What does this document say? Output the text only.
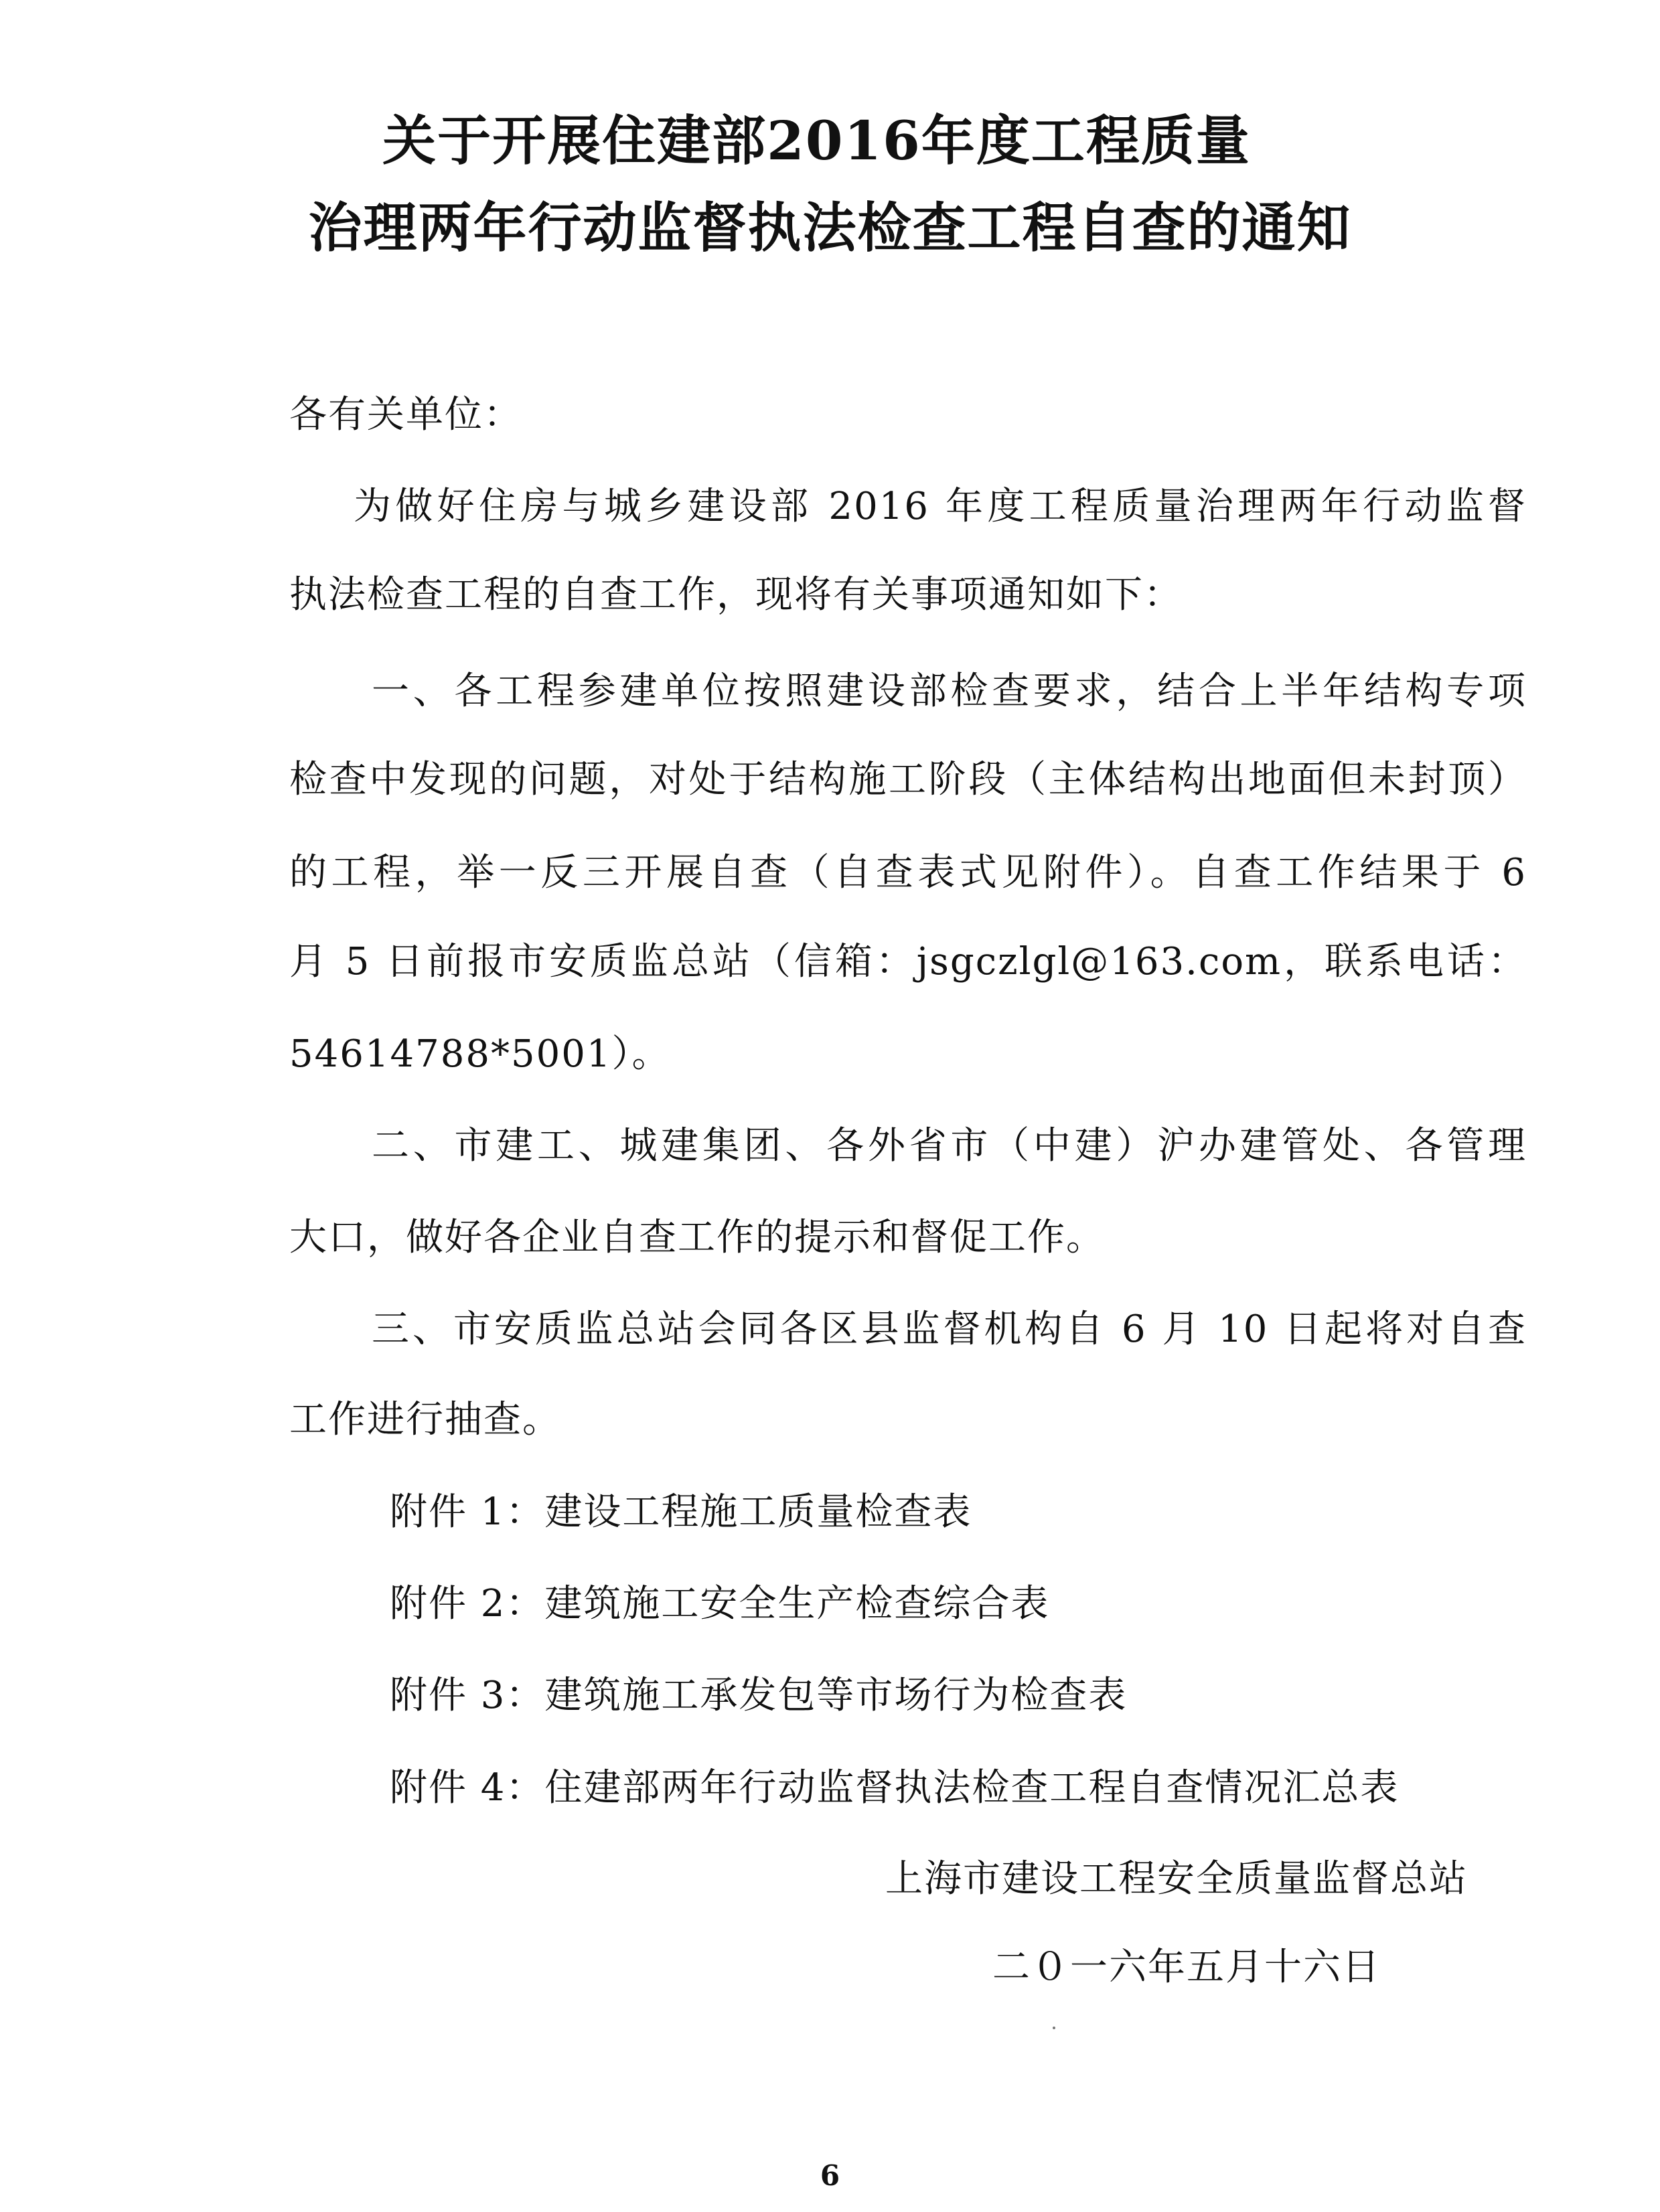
关于开展住建部2016年度工程质量
治理两年行动监督执法检查工程自查的通知
各有关单位：
为做好住房与城乡建设部 2016 年度工程质量治理两年行动监督
执法检查工程的自查工作，现将有关事项通知如下：
一、各工程参建单位按照建设部检查要求，结合上半年结构专项
检查中发现的问题，对处于结构施工阶段（主体结构出地面但未封顶）
的工程，举一反三开展自查（自查表式见附件）。自查工作结果于 6
月 5 日前报市安质监总站（信箱：jsgczlgl@163.com，联系电话：
54614788*5001）。
二、市建工、城建集团、各外省市（中建）沪办建管处、各管理
大口，做好各企业自查工作的提示和督促工作。
三、市安质监总站会同各区县监督机构自 6 月 10 日起将对自查
工作进行抽查。
附件 1：建设工程施工质量检查表
附件 2：建筑施工安全生产检查综合表
附件 3：建筑施工承发包等市场行为检查表
附件 4：住建部两年行动监督执法检查工程自查情况汇总表
上海市建设工程安全质量监督总站
二０一六年五月十六日
6
